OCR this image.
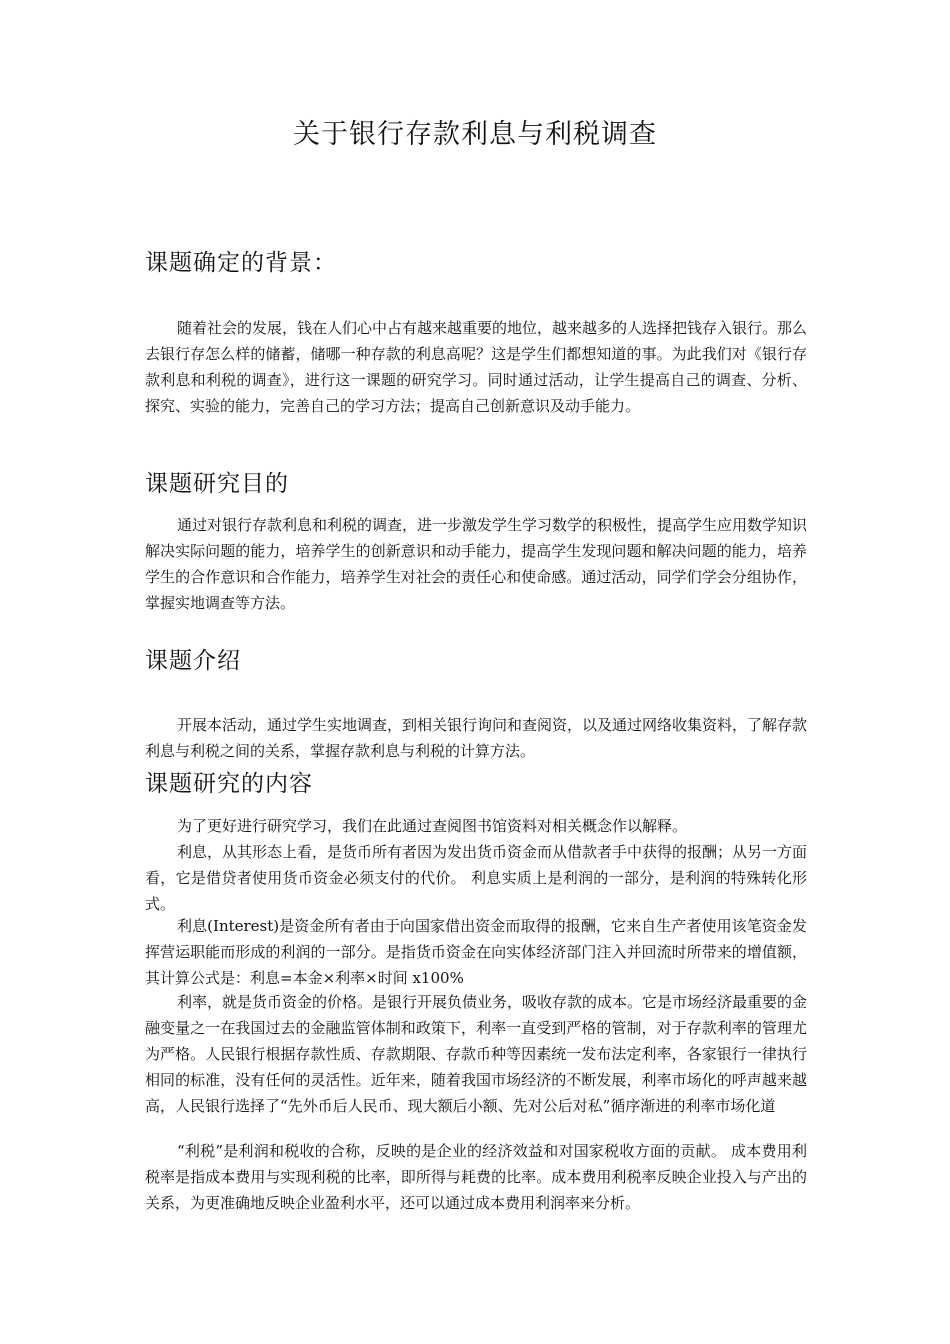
关于银行存款利息与利税调查
课题确定的背景：

随着社会的发展，钱在人们心中占有越来越重要的地位，越来越多的人选择把钱存入银行。那么去银行存怎么样的储蓄，储哪一种存款的利息高呢？这是学生们都想知道的事。为此我们对《银行存款利息和利税的调查》，进行这一课题的研究学习。同时通过活动，让学生提高自己的调查、分析、探究、实验的能力，完善自己的学习方法；提高自己创新意识及动手能力。

课题研究目的

通过对银行存款利息和利税的调查，进一步激发学生学习数学的积极性，提高学生应用数学知识解决实际问题的能力，培养学生的创新意识和动手能力，提高学生发现问题和解决问题的能力，培养学生的合作意识和合作能力，培养学生对社会的责任心和使命感。通过活动，同学们学会分组协作，掌握实地调查等方法。

课题介绍

开展本活动，通过学生实地调查，到相关银行询问和查阅资，以及通过网络收集资料，了解存款利息与利税之间的关系，掌握存款利息与利税的计算方法。

课题研究的内容

为了更好进行研究学习，我们在此通过查阅图书馆资料对相关概念作以解释。

利息，从其形态上看，是货币所有者因为发出货币资金而从借款者手中获得的报酬；从另一方面看，它是借贷者使用货币资金必须支付的代价。 利息实质上是利润的一部分，是利润的特殊转化形式。

利息(Interest)是资金所有者由于向国家借出资金而取得的报酬，它来自生产者使用该笔资金发挥营运职能而形成的利润的一部分。是指货币资金在向实体经济部门注入并回流时所带来的增值额，其计算公式是：利息=本金×利率×时间 x100%

利率，就是货币资金的价格。是银行开展负债业务，吸收存款的成本。它是市场经济最重要的金融变量之一在我国过去的金融监管体制和政策下，利率一直受到严格的管制，对于存款利率的管理尤为严格。人民银行根据存款性质、存款期限、存款币种等因素统一发布法定利率，各家银行一律执行相同的标准，没有任何的灵活性。近年来，随着我国市场经济的不断发展，利率市场化的呼声越来越高，人民银行选择了“先外币后人民币、现大额后小额、先对公后对私”循序渐进的利率市场化道

“利税”是利润和税收的合称，反映的是企业的经济效益和对国家税收方面的贡献。 成本费用利税率是指成本费用与实现利税的比率，即所得与耗费的比率。成本费用利税率反映企业投入与产出的关系，为更准确地反映企业盈利水平，还可以通过成本费用利润率来分析。
